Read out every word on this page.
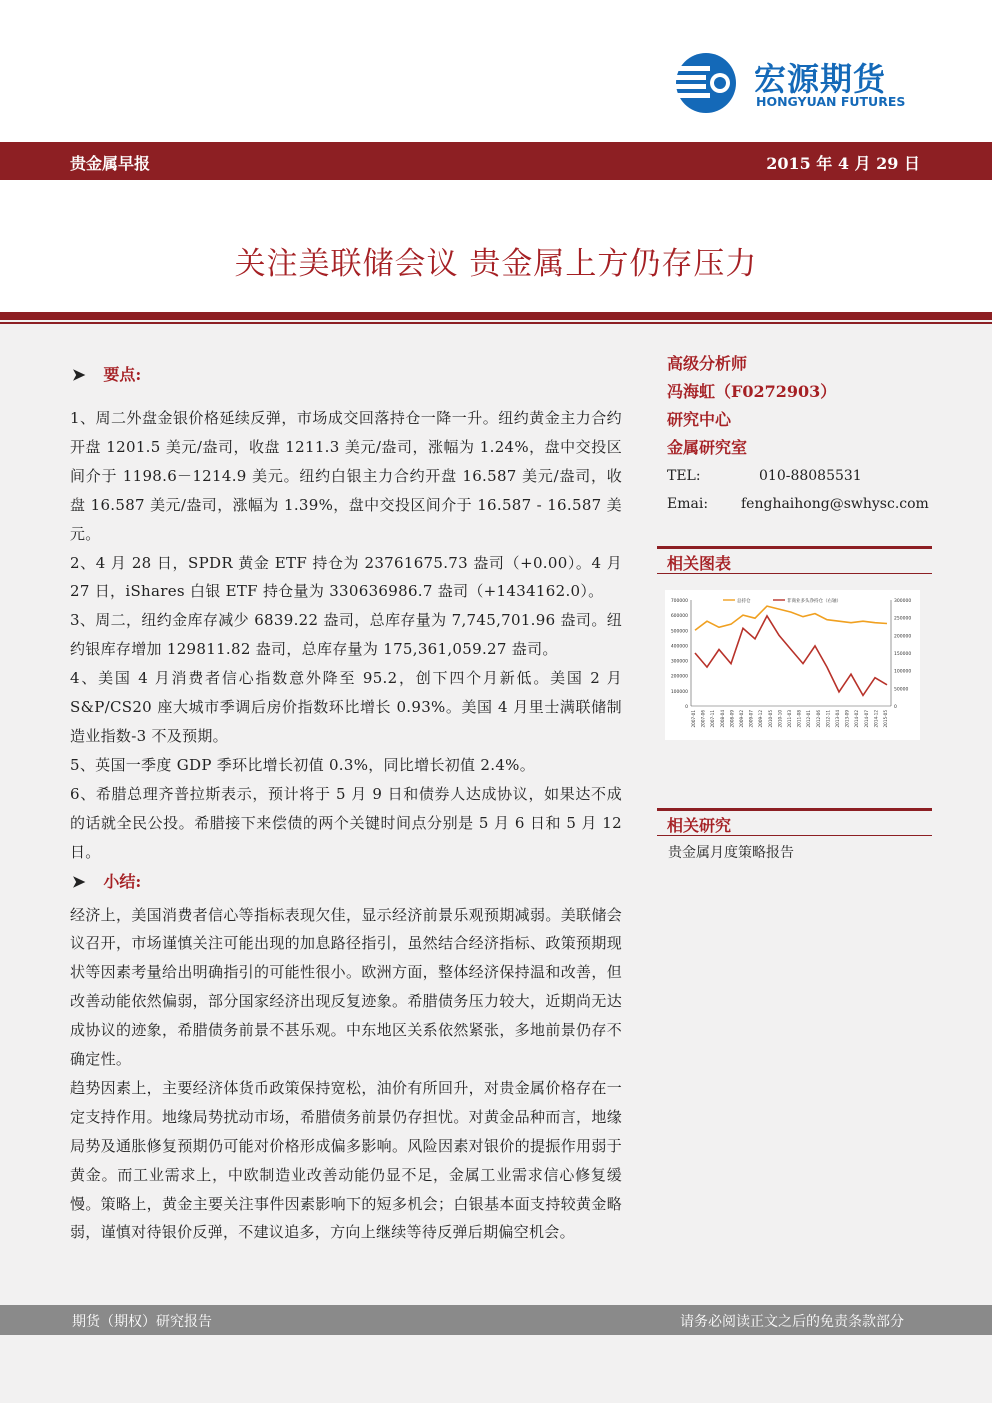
宏源期货
HONGYUAN FUTURES
贵金属早报	2015 年 4 月 29 日
关注美联储会议 贵金属上方仍存压力
➤ 要点:

1、周二外盘金银价格延续反弹，市场成交回落持仓一降一升。纽约黄金主力合约开盘 1201.5 美元/盎司，收盘 1211.3 美元/盎司，涨幅为 1.24%，盘中交投区间介于 1198.6－1214.9 美元。纽约白银主力合约开盘 16.587 美元/盎司，收盘 16.587 美元/盎司，涨幅为 1.39%，盘中交投区间介于 16.587 - 16.587 美元。

2、4 月 28 日，SPDR 黄金 ETF 持仓为 23761675.73 盎司（+0.00）。4 月 27 日，iShares 白银 ETF 持仓量为 330636986.7 盎司（+1434162.0）。

3、周二，纽约金库存减少 6839.22 盎司，总库存量为 7,745,701.96 盎司。纽约银库存增加 129811.82 盎司，总库存量为 175,361,059.27 盎司。

4、美国 4 月消费者信心指数意外降至 95.2，创下四个月新低。美国 2 月 S&P/CS20 座大城市季调后房价指数环比增长 0.93%。美国 4 月里士满联储制造业指数-3 不及预期。

5、英国一季度 GDP 季环比增长初值 0.3%，同比增长初值 2.4%。

6、希腊总理齐普拉斯表示，预计将于 5 月 9 日和债券人达成协议，如果达不成的话就全民公投。希腊接下来偿债的两个关键时间点分别是 5 月 6 日和 5 月 12 日。

➤ 小结:

经济上，美国消费者信心等指标表现欠佳，显示经济前景乐观预期减弱。美联储会议召开，市场谨慎关注可能出现的加息路径指引，虽然结合经济指标、政策预期现状等因素考量给出明确指引的可能性很小。欧洲方面，整体经济保持温和改善，但改善动能依然偏弱，部分国家经济出现反复迹象。希腊债务压力较大，近期尚无达成协议的迹象，希腊债务前景不甚乐观。中东地区关系依然紧张，多地前景仍存不确定性。

趋势因素上，主要经济体货币政策保持宽松，油价有所回升，对贵金属价格存在一定支持作用。地缘局势扰动市场，希腊债务前景仍存担忧。对黄金品种而言，地缘局势及通胀修复预期仍可能对价格形成偏多影响。风险因素对银价的提振作用弱于黄金。而工业需求上，中欧制造业改善动能仍显不足，金属工业需求信心修复缓慢。策略上，黄金主要关注事件因素影响下的短多机会；白银基本面支持较黄金略弱，谨慎对待银价反弹，不建议追多，方向上继续等待反弹后期偏空机会。

高级分析师
冯海虹（F0272903）
研究中心
金属研究室
TEL:	010-88085531
Emai: fenghaihong@swhysc.com
相关图表
700000
600000
500000
400000
300000
200000
100000
0
300000
250000
200000
150000
100000
50000
0
2007-01 2007-06 2007-11 2008-04 2008-09 2009-02 2009-07 2009-12 2010-05 2010-10 2011-03 2011-08 2012-01 2012-06 2012-11 2013-04 2013-09 2014-02 2014-07 2014-12 2015-05
总持仓	非商业多头净持仓（右轴）
相关研究
贵金属月度策略报告
期货（期权）研究报告	请务必阅读正文之后的免责条款部分
